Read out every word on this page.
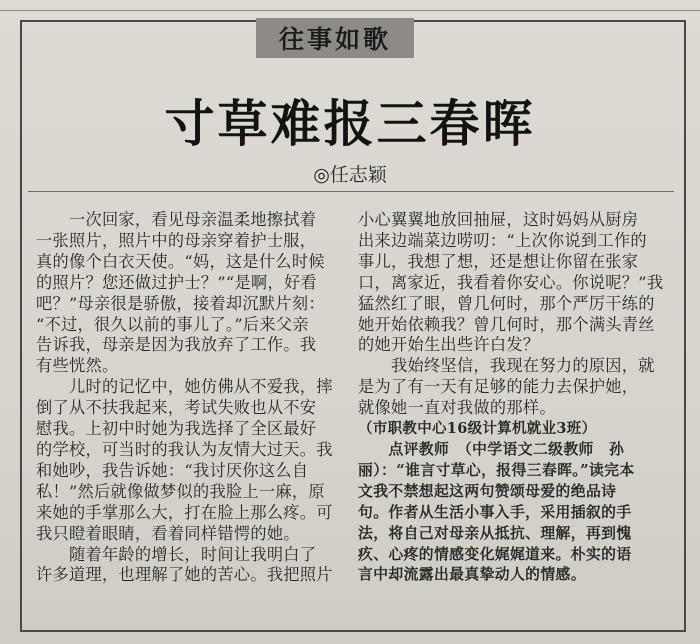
往事如歌
寸草难报三春晖
◎任志颖
　　一次回家，看见母亲温柔地擦拭着
一张照片，照片中的母亲穿着护士服，
真的像个白衣天使。“妈，这是什么时候
的照片？您还做过护士？”“是啊，好看
吧？”母亲很是骄傲，接着却沉默片刻：
“不过，很久以前的事儿了。”后来父亲
告诉我，母亲是因为我放弃了工作。我
有些恍然。
　　儿时的记忆中，她仿佛从不爱我，摔
倒了从不扶我起来，考试失败也从不安
慰我。上初中时她为我选择了全区最好
的学校，可当时的我认为友情大过天。我
和她吵，我告诉她：“我讨厌你这么自
私！”然后就像做梦似的我脸上一麻，原
来她的手掌那么大，打在脸上那么疼。可
我只瞪着眼睛，看着同样错愕的她。
　　随着年龄的增长，时间让我明白了
许多道理，也理解了她的苦心。我把照片
小心翼翼地放回抽屉，这时妈妈从厨房
出来边端菜边唠叨：“上次你说到工作的
事儿，我想了想，还是想让你留在张家
口，离家近，我看着你安心。你说呢？”我
猛然红了眼，曾几何时，那个严厉干练的
她开始依赖我？曾几何时，那个满头青丝
的她开始生出些许白发？
　　我始终坚信，我现在努力的原因，就
是为了有一天有足够的能力去保护她，
就像她一直对我做的那样。
（市职教中心16级计算机就业3班）
　　点评教师　（中学语文二级教师　孙
丽）：“谁言寸草心，报得三春晖。”读完本
文我不禁想起这两句赞颂母爱的绝品诗
句。作者从生活小事入手，采用插叙的手
法，将自己对母亲从抵抗、理解，再到愧
疚、心疼的情感变化娓娓道来。朴实的语
言中却流露出最真挚动人的情感。
